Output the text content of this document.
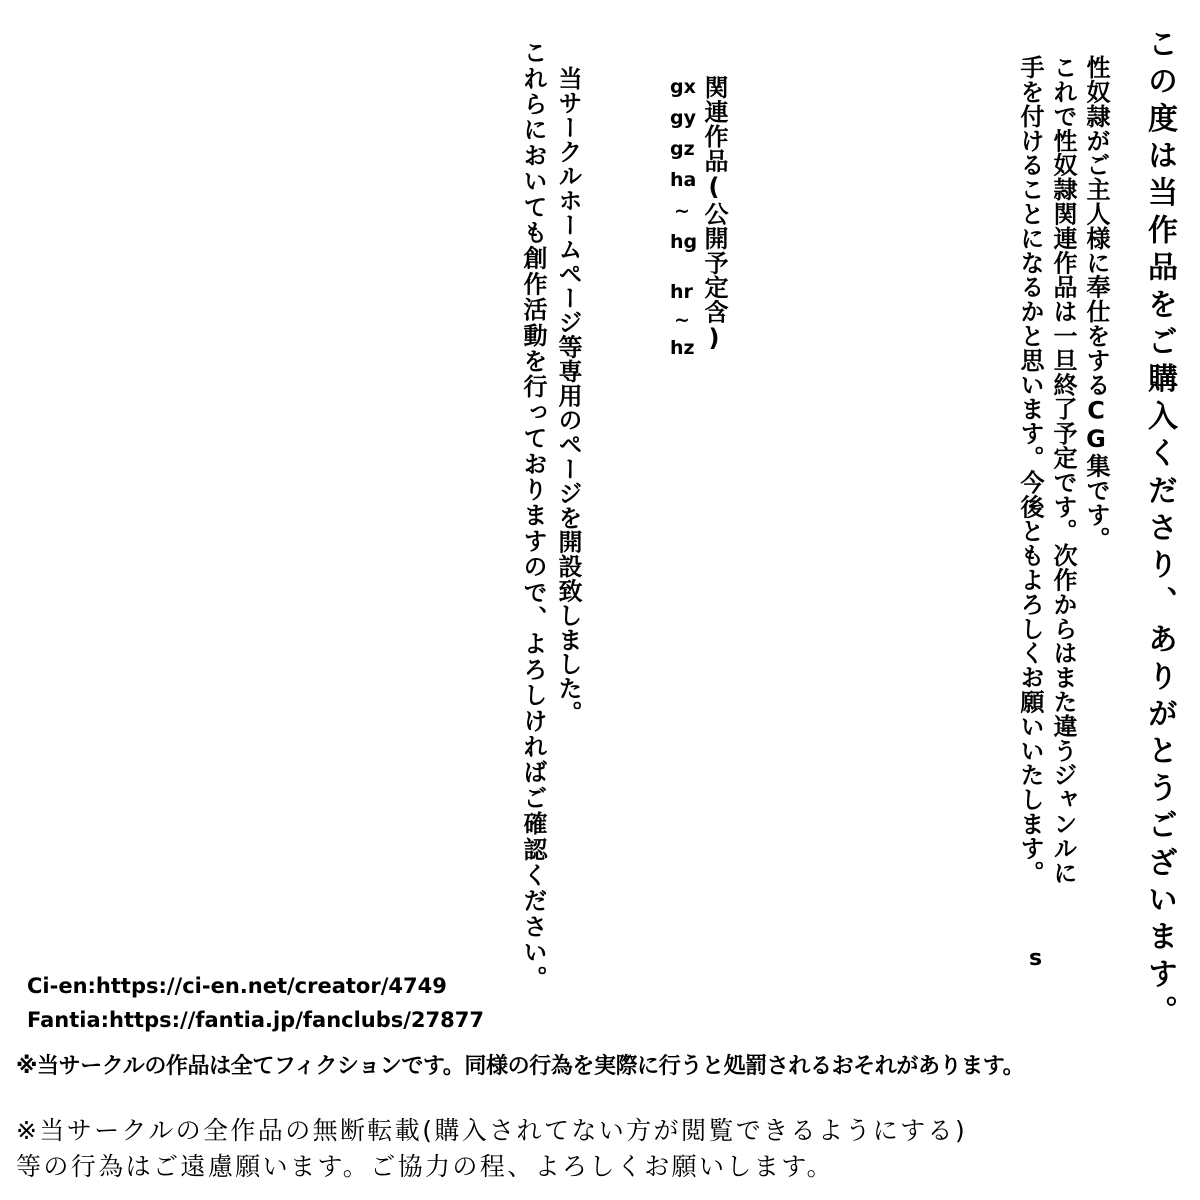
この度は当作品をご購入くださり、ありがとうございます。
性奴隷がご主人様に奉仕をするCG集です。
これで性奴隷関連作品は一旦終了予定です。次作からはまた違うジャンルに
手を付けることになるかと思います。今後ともよろしくお願いいたします。
s
関連作品(公開予定含)
gx
gy
gz
ha
~
hg
hr
~
hz
当サークルホームページ等専用のページを開設致しました。
これらにおいても創作活動を行っておりますので、よろしければご確認ください。
Ci-en:https://ci-en.net/creator/4749
Fantia:https://fantia.jp/fanclubs/27877
※当サークルの作品は全てフィクションです。同様の行為を実際に行うと処罰されるおそれがあります。
※当サークルの全作品の無断転載(購入されてない方が閲覧できるようにする)
等の行為はご遠慮願います。ご協力の程、よろしくお願いします。
